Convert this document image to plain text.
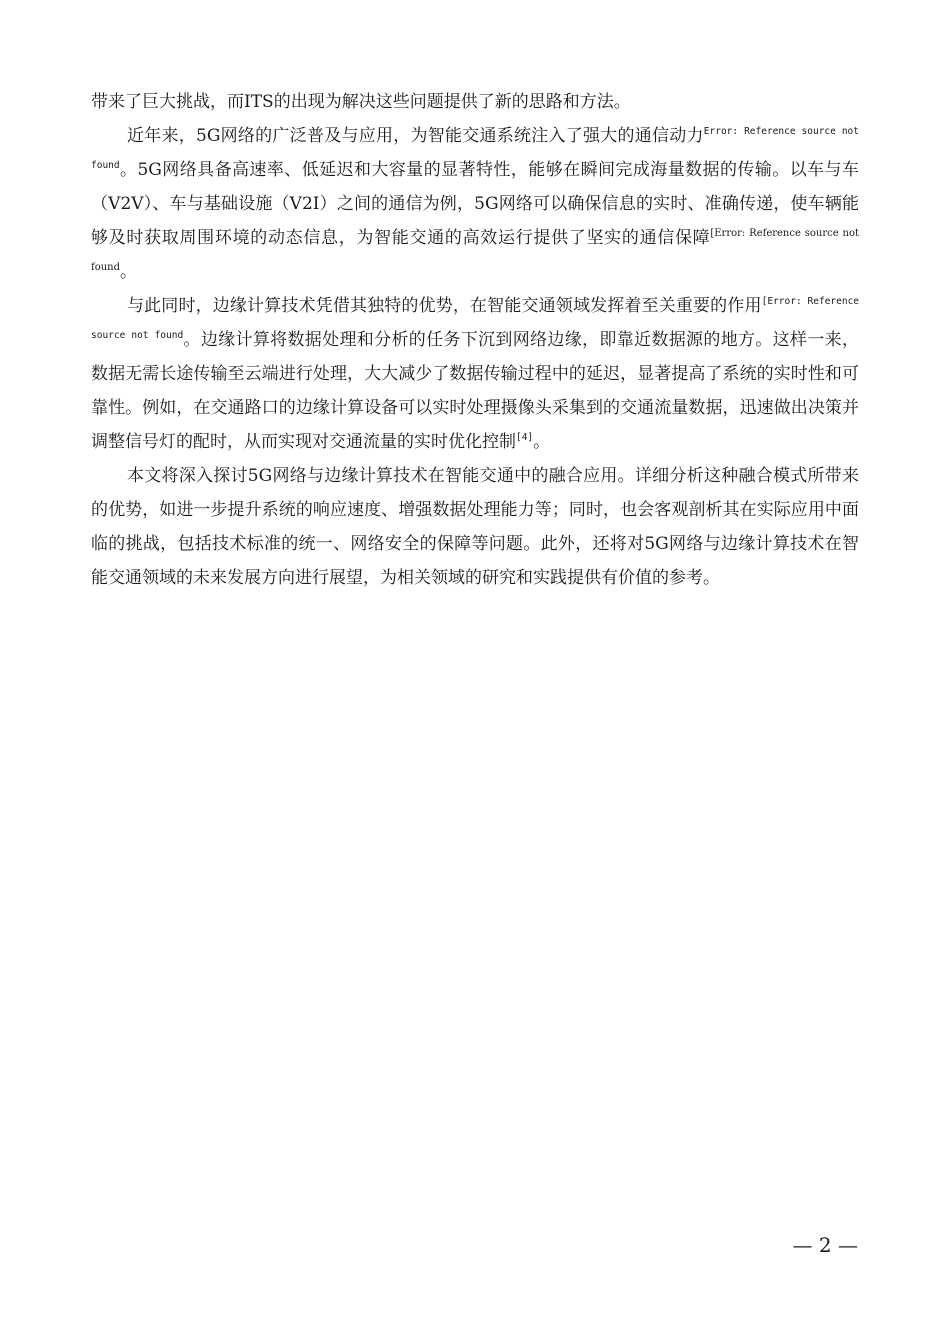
带来了巨大挑战，而ITS的出现为解决这些问题提供了新的思路和方法。

近年来，5G网络的广泛普及与应用，为智能交通系统注入了强大的通信动力$^{Error: Reference source not found}$。5G网络具备高速率、低延迟和大容量的显著特性，能够在瞬间完成海量数据的传输。以车与车（V2V）、车与基础设施（V2I）之间的通信为例，5G网络可以确保信息的实时、准确传递，使车辆能够及时获取周围环境的动态信息，为智能交通的高效运行提供了坚实的通信保障$^{[Error: Reference source not found}$。

与此同时，边缘计算技术凭借其独特的优势，在智能交通领域发挥着至关重要的作用$^{[Error: Reference source not found}$。边缘计算将数据处理和分析的任务下沉到网络边缘，即靠近数据源的地方。这样一来，数据无需长途传输至云端进行处理，大大减少了数据传输过程中的延迟，显著提高了系统的实时性和可靠性。例如，在交通路口的边缘计算设备可以实时处理摄像头采集到的交通流量数据，迅速做出决策并调整信号灯的配时，从而实现对交通流量的实时优化控制[4]。

本文将深入探讨5G网络与边缘计算技术在智能交通中的融合应用。详细分析这种融合模式所带来的优势，如进一步提升系统的响应速度、增强数据处理能力等；同时，也会客观剖析其在实际应用中面临的挑战，包括技术标准的统一、网络安全的保障等问题。此外，还将对5G网络与边缘计算技术在智能交通领域的未来发展方向进行展望，为相关领域的研究和实践提供有价值的参考。

— 2 —
